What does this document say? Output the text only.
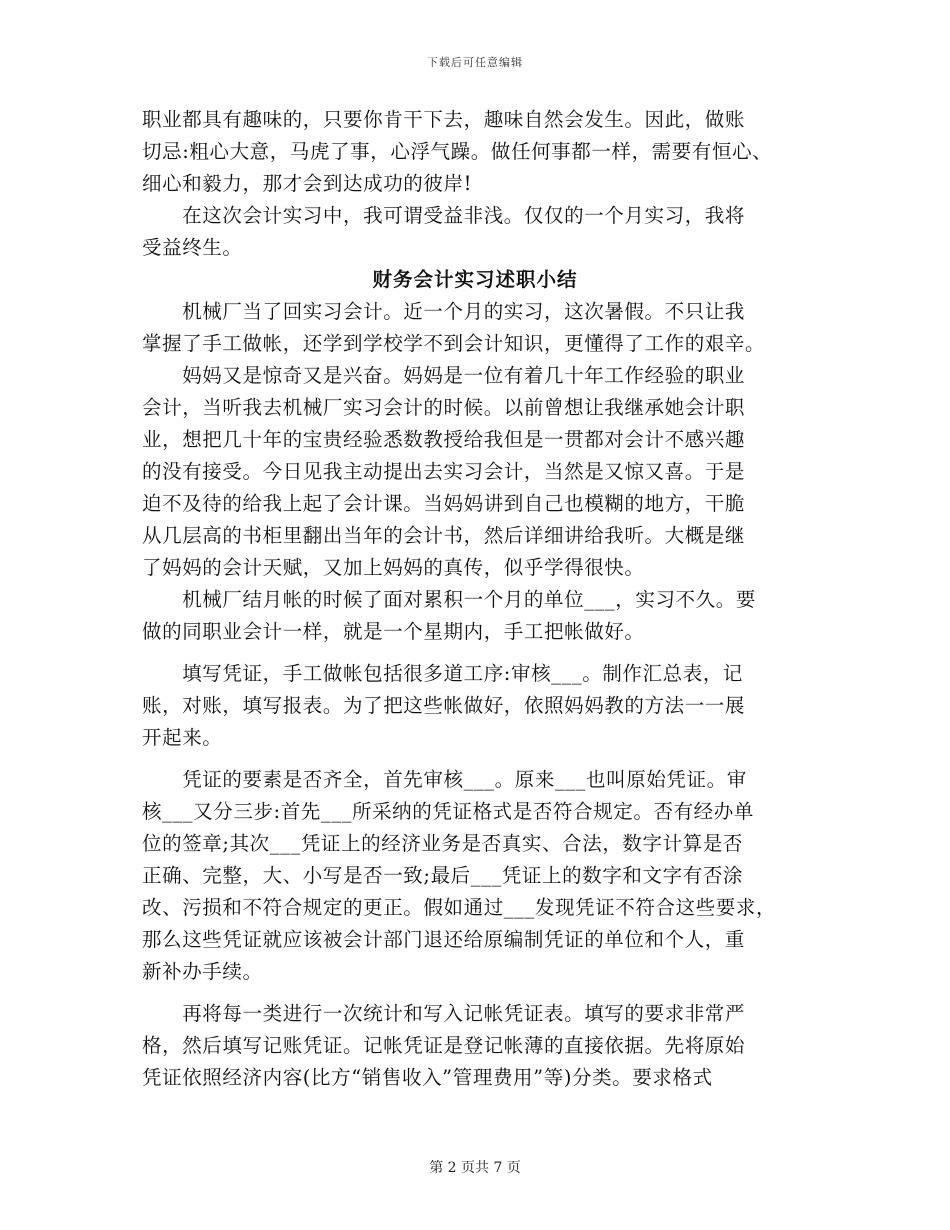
下载后可任意编辑
职业都具有趣味的，只要你肯干下去，趣味自然会发生。因此，做账
切忌:粗心大意，马虎了事，心浮气躁。做任何事都一样，需要有恒心、
细心和毅力，那才会到达成功的彼岸!
　　在这次会计实习中，我可谓受益非浅。仅仅的一个月实习，我将
受益终生。
财务会计实习述职小结
　　机械厂当了回实习会计。近一个月的实习，这次暑假。不只让我
掌握了手工做帐，还学到学校学不到会计知识，更懂得了工作的艰辛。
　　妈妈又是惊奇又是兴奋。妈妈是一位有着几十年工作经验的职业
会计，当听我去机械厂实习会计的时候。以前曾想让我继承她会计职
业，想把几十年的宝贵经验悉数教授给我但是一贯都对会计不感兴趣
的没有接受。今日见我主动提出去实习会计，当然是又惊又喜。于是
迫不及待的给我上起了会计课。当妈妈讲到自己也模糊的地方，干脆
从几层高的书柜里翻出当年的会计书，然后详细讲给我听。大概是继
了妈妈的会计天赋，又加上妈妈的真传，似乎学得很快。
　　机械厂结月帐的时候了面对累积一个月的单位___，实习不久。要
做的同职业会计一样，就是一个星期内，手工把帐做好。
　　填写凭证，手工做帐包括很多道工序:审核___。制作汇总表，记
账，对账，填写报表。为了把这些帐做好，依照妈妈教的方法一一展
开起来。
　　凭证的要素是否齐全，首先审核___。原来___也叫原始凭证。审
核___又分三步:首先___所采纳的凭证格式是否符合规定。否有经办单
位的签章;其次___凭证上的经济业务是否真实、合法，数字计算是否
正确、完整，大、小写是否一致;最后___凭证上的数字和文字有否涂
改、污损和不符合规定的更正。假如通过___发现凭证不符合这些要求，
那么这些凭证就应该被会计部门退还给原编制凭证的单位和个人，重
新补办手续。
　　再将每一类进行一次统计和写入记帐凭证表。填写的要求非常严
格，然后填写记账凭证。记帐凭证是登记帐薄的直接依据。先将原始
凭证依照经济内容(比方“销售收入”管理费用”等)分类。要求格式
第 2 页共 7 页
